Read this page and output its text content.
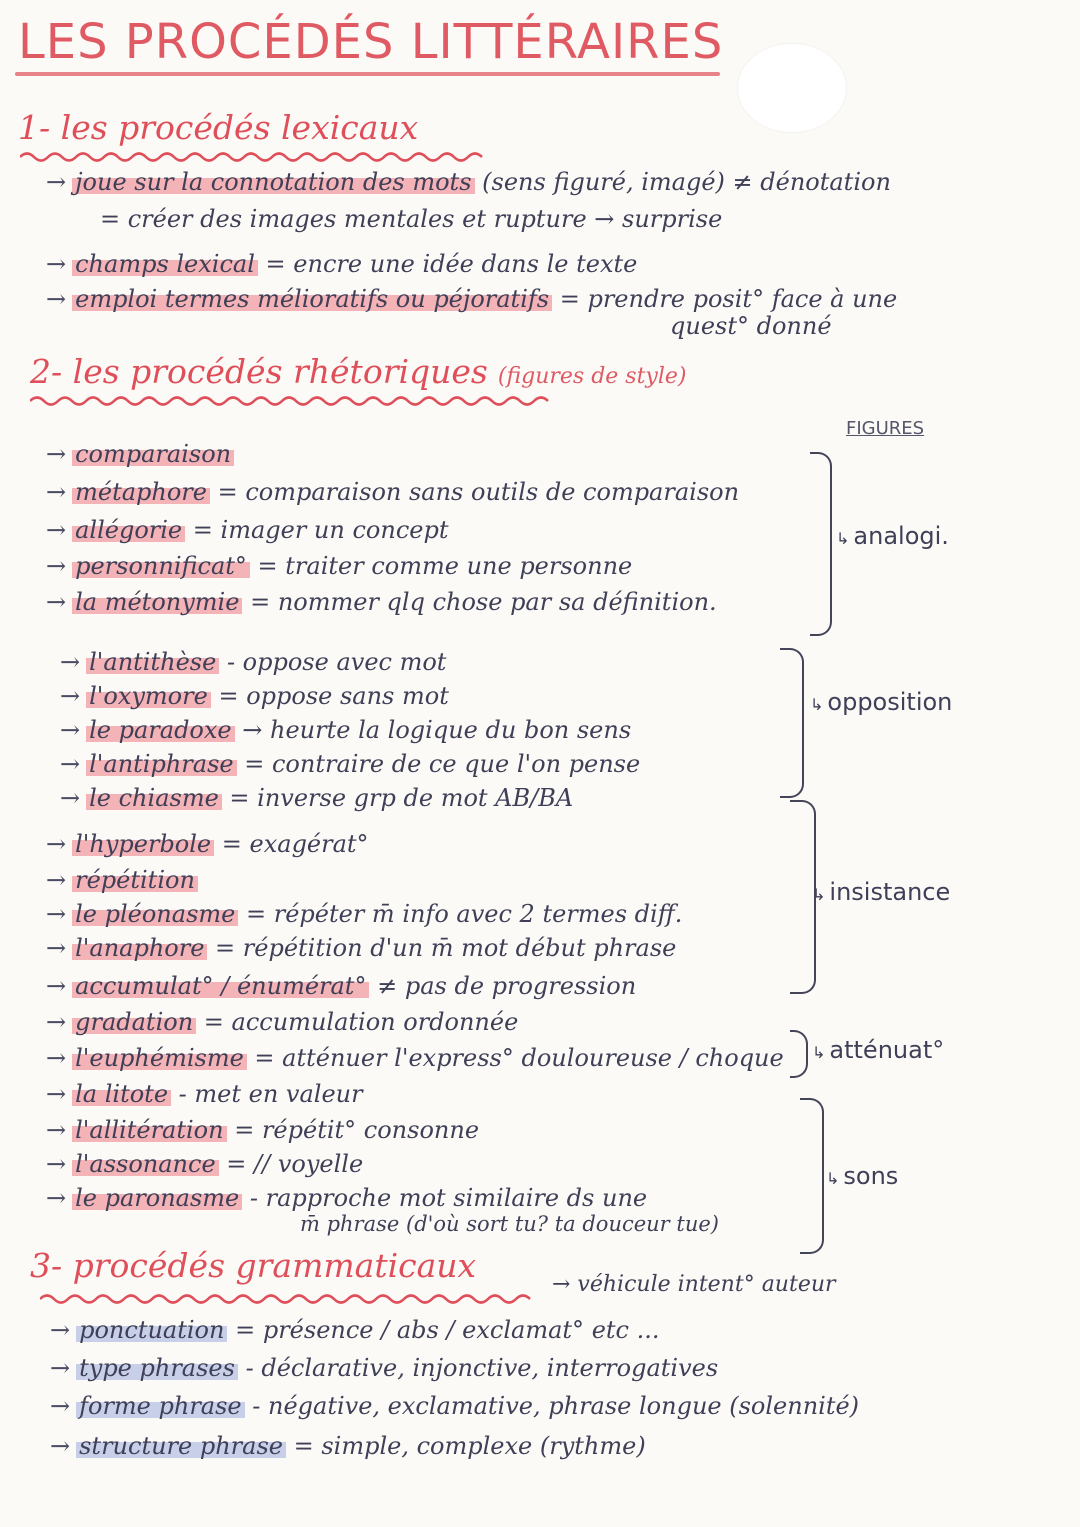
LES PROCÉDÉS LITTÉRAIRES
1- les procédés lexicaux
→ joue sur la connotation des mots (sens figuré, imagé) ≠ dénotation
= créer des images mentales et rupture → surprise
→ champs lexical = encre une idée dans le texte
→ emploi termes mélioratifs ou péjoratifs = prendre posit° face à une
quest° donné
2- les procédés rhétoriques (figures de style)
FIGURES
→ comparaison
→ métaphore = comparaison sans outils de comparaison
→ allégorie = imager un concept
→ personnificat° = traiter comme une personne
→ la métonymie = nommer qlq chose par sa définition.
↳ analogi.
→ l'antithèse - oppose avec mot
→ l'oxymore = oppose sans mot
→ le paradoxe → heurte la logique du bon sens
→ l'antiphrase = contraire de ce que l'on pense
→ le chiasme = inverse grp de mot AB/BA
↳ opposition
→ l'hyperbole = exagérat°
→ répétition
→ le pléonasme = répéter m̄ info avec 2 termes diff.
→ l'anaphore = répétition d'un m̄ mot début phrase
→ accumulat° / énumérat° ≠ pas de progression
→ gradation = accumulation ordonnée
↳ insistance
→ l'euphémisme = atténuer l'express° douloureuse / choque
→ la litote - met en valeur
↳ atténuat°
→ l'allitération = répétit° consonne
→ l'assonance = // voyelle
→ le paronasme - rapproche mot similaire ds une
m̄ phrase (d'où sort tu? ta douceur tue)
↳ sons
3- procédés grammaticaux	→ véhicule intent° auteur
→ ponctuation = présence / abs / exclamat° etc ...
→ type phrases - déclarative, injonctive, interrogatives
→ forme phrase - négative, exclamative, phrase longue (solennité)
→ structure phrase = simple, complexe (rythme)
